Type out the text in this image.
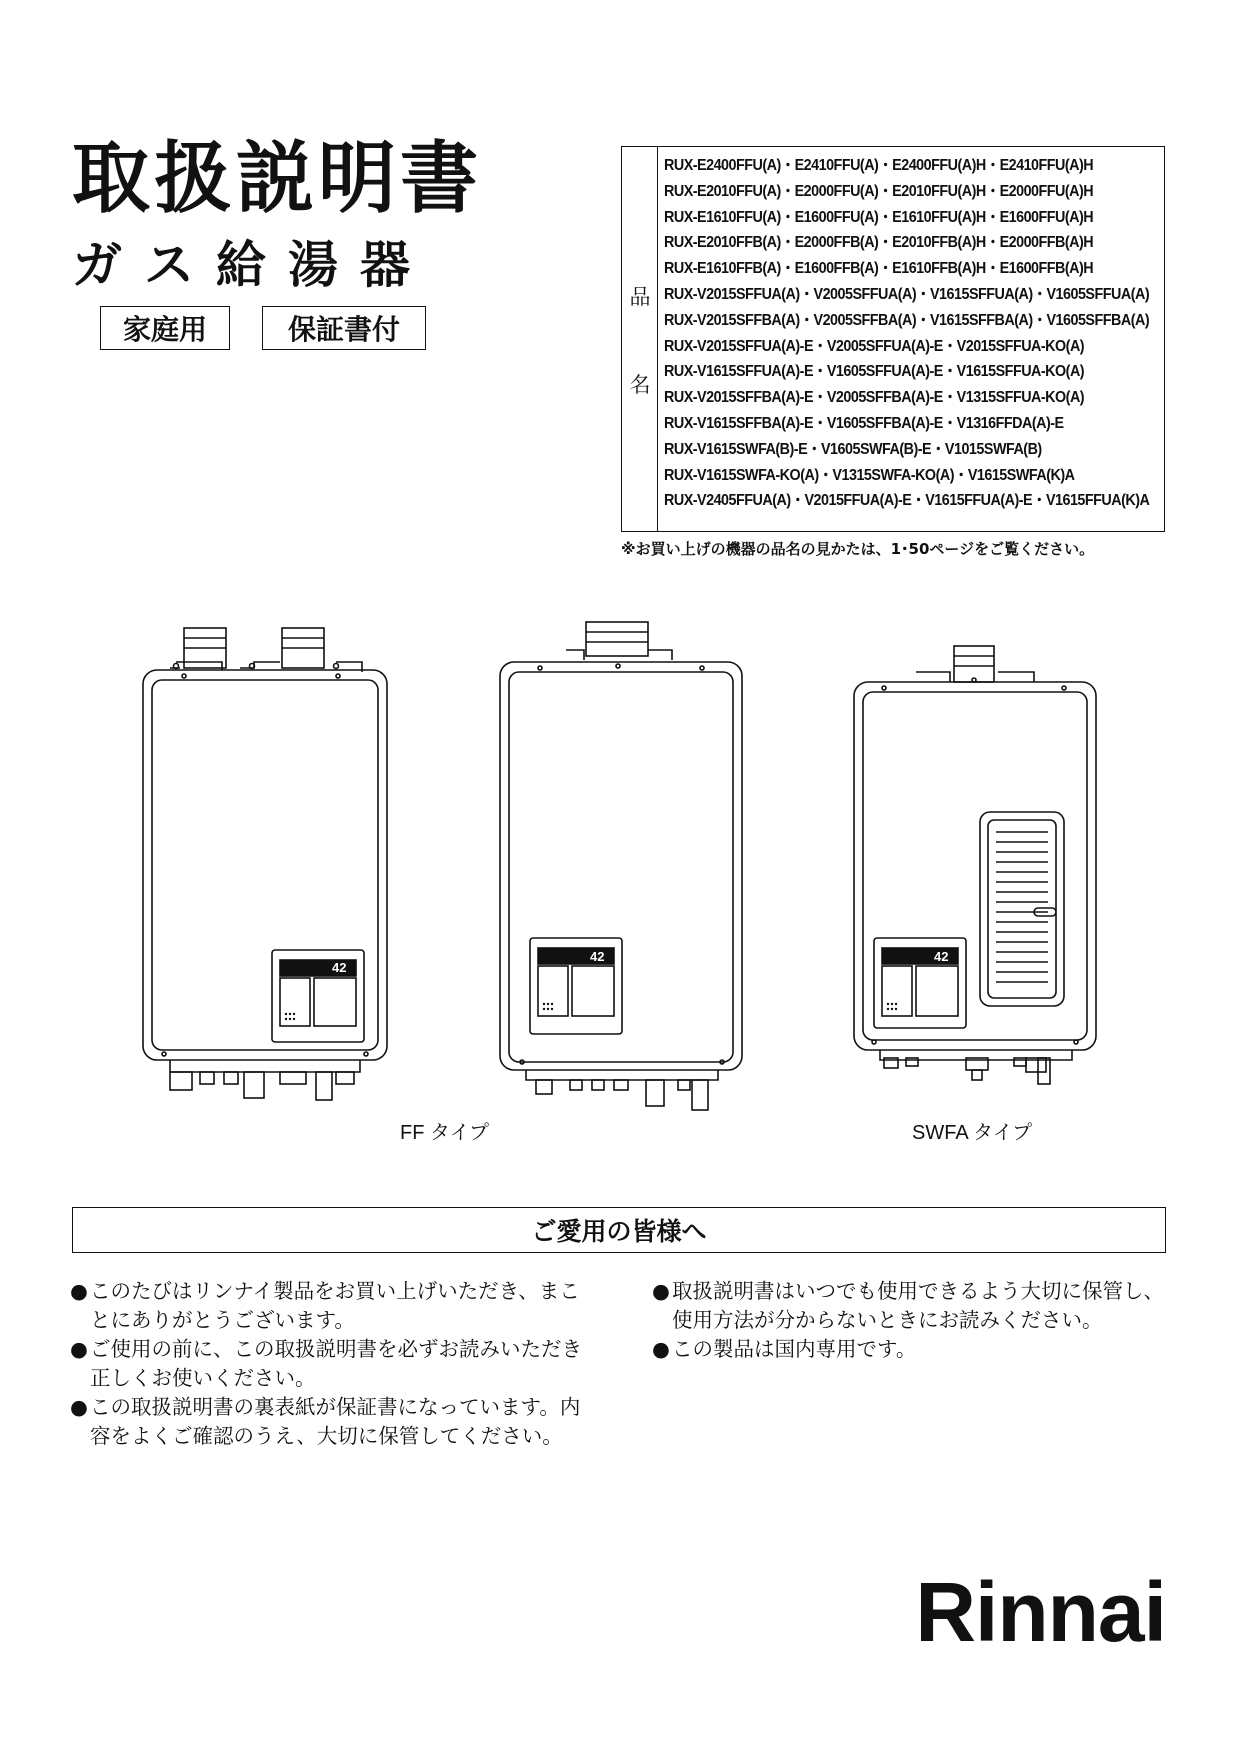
取扱説明書
ガス給湯器
家庭用	保証書付
品
名
RUX-E2400FFU(A)・E2410FFU(A)・E2400FFU(A)H・E2410FFU(A)H
RUX-E2010FFU(A)・E2000FFU(A)・E2010FFU(A)H・E2000FFU(A)H
RUX-E1610FFU(A)・E1600FFU(A)・E1610FFU(A)H・E1600FFU(A)H
RUX-E2010FFB(A)・E2000FFB(A)・E2010FFB(A)H・E2000FFB(A)H
RUX-E1610FFB(A)・E1600FFB(A)・E1610FFB(A)H・E1600FFB(A)H
RUX-V2015SFFUA(A)・V2005SFFUA(A)・V1615SFFUA(A)・V1605SFFUA(A)
RUX-V2015SFFBA(A)・V2005SFFBA(A)・V1615SFFBA(A)・V1605SFFBA(A)
RUX-V2015SFFUA(A)-E・V2005SFFUA(A)-E・V2015SFFUA-KO(A)
RUX-V1615SFFUA(A)-E・V1605SFFUA(A)-E・V1615SFFUA-KO(A)
RUX-V2015SFFBA(A)-E・V2005SFFBA(A)-E・V1315SFFUA-KO(A)
RUX-V1615SFFBA(A)-E・V1605SFFBA(A)-E・V1316FFDA(A)-E
RUX-V1615SWFA(B)-E・V1605SWFA(B)-E・V1015SWFA(B)
RUX-V1615SWFA-KO(A)・V1315SWFA-KO(A)・V1615SWFA(K)A
RUX-V2405FFUA(A)・V2015FFUA(A)-E・V1615FFUA(A)-E・V1615FFUA(K)A
※お買い上げの機器の品名の見かたは、1･50ページをご覧ください。
42
42	42
FF タイプ	SWFA タイプ
ご愛用の皆様へ
● このたびはリンナイ製品をお買い上げいただき、まことにありがとうございます。
● ご使用の前に、この取扱説明書を必ずお読みいただき正しくお使いください。
● この取扱説明書の裏表紙が保証書になっています。内容をよくご確認のうえ、大切に保管してください。
● 取扱説明書はいつでも使用できるよう大切に保管し、使用方法が分からないときにお読みください。
● この製品は国内専用です。
Rinnai
